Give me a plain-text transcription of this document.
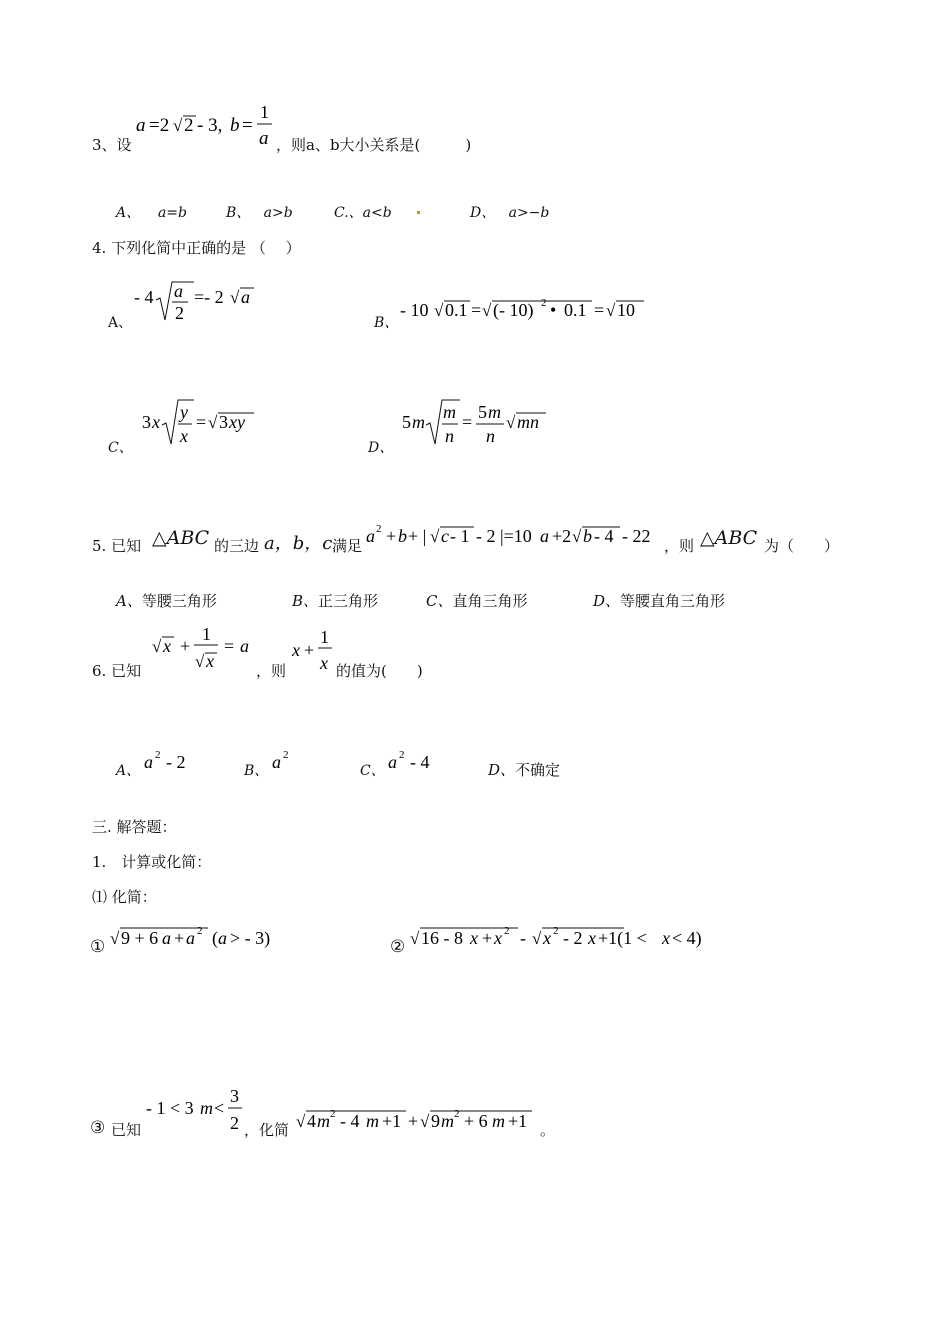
3、设
a =2 √ 2 - 3, b =
1
a ，则a、b大小关系是(　　　)
A、 a=b	B、 a>b	C.、a<b	D、 a>−b
4. 下列化简中正确的是 （　 ）
A、
- 4 a
2
=- 2 √ a
B、
- 10 √ 0.1 = √ (- 10) 2 • 0.1 = √ 10
C、
3 x y
x
= √ 3 xy
D、
5 m m
n
= 5 m
n
√ mn
5. 已知 △ABC 的三边 a，b，c 满足 a 2 + b + | √ c - 1 - 2 |=10 a +2 √ b - 4 - 22 ，则 △ABC 为（　　）
A、等腰三角形	B、正三角形	C、直角三角形	D、等腰直角三角形
6. 已知
√ x +
1
√ x
= a
，则
x +
1
x 的值为(　　)
A、 a 2 - 2	B、 a 2
C、 a 2 - 4	D、不确定
三. 解答题：
1.　计算或化简：
⑴ 化简：
① √ 9 + 6 a + a 2 ( a > - 3)	② √ 16 - 8 x + x 2 - √ x 2 - 2 x +1(1 < x < 4)
③ 已知
- 1 < 3 m <
3
2 ，化简 √ 4 m 2 - 4 m +1 + √ 9 m 2 + 6 m +1 。
